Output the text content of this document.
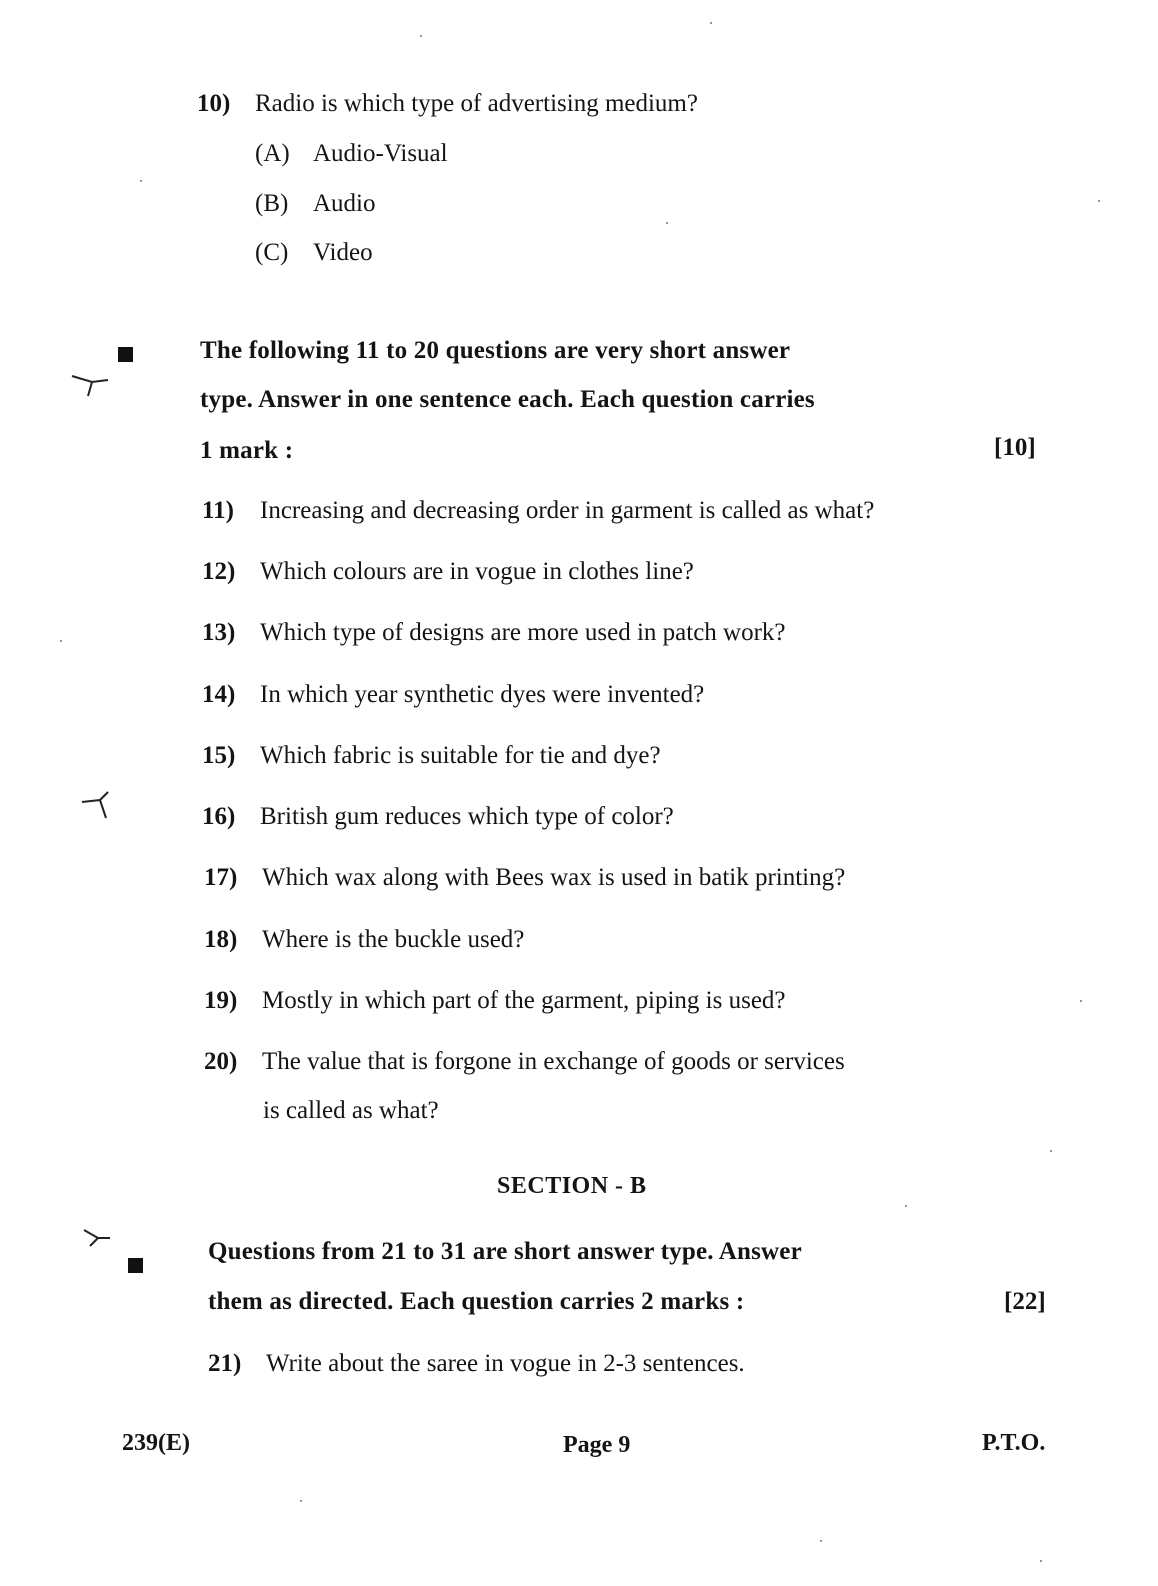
10) Radio is which type of advertising medium?
(A) Audio-Visual
(B) Audio
(C) Video
The following 11 to 20 questions are very short answer
type. Answer in one sentence each. Each question carries
1 mark :	[10]
11) Increasing and decreasing order in garment is called as what?
12) Which colours are in vogue in clothes line?
13) Which type of designs are more used in patch work?
14) In which year synthetic dyes were invented?
15) Which fabric is suitable for tie and dye?
16) British gum reduces which type of color?
17) Which wax along with Bees wax is used in batik printing?
18) Where is the buckle used?
19) Mostly in which part of the garment, piping is used?
20) The value that is forgone in exchange of goods or services
is called as what?
SECTION - B
Questions from 21 to 31 are short answer type. Answer
them as directed. Each question carries 2 marks :	[22]
21) Write about the saree in vogue in 2-3 sentences.
239(E)	Page 9	P.T.O.
